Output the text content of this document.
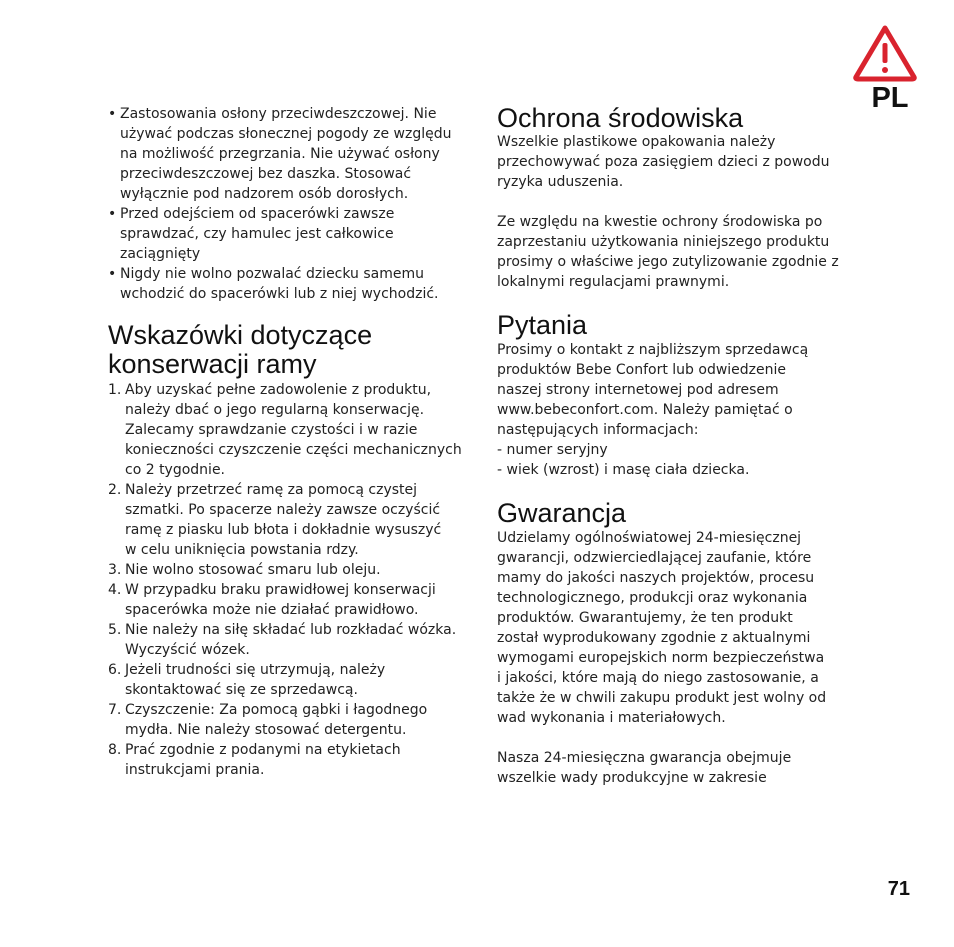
PL
• Zastosowania osłony przeciwdeszczowej. Nie
używać podczas słonecznej pogody ze względu
na możliwość przegrzania. Nie używać osłony
przeciwdeszczowej bez daszka. Stosować
wyłącznie pod nadzorem osób dorosłych.
• Przed odejściem od spacerówki zawsze
sprawdzać, czy hamulec jest całkowice
zaciągnięty
• Nigdy nie wolno pozwalać dziecku samemu
wchodzić do spacerówki lub z niej wychodzić.
Wskazówki dotyczące
konserwacji ramy
1. Aby uzyskać pełne zadowolenie z produktu,
należy dbać o jego regularną konserwację.
Zalecamy sprawdzanie czystości i w razie
konieczności czyszczenie części mechanicznych
co 2 tygodnie.
2. Należy przetrzeć ramę za pomocą czystej
szmatki. Po spacerze należy zawsze oczyścić
ramę z piasku lub błota i dokładnie wysuszyć
w celu uniknięcia powstania rdzy.
3. Nie wolno stosować smaru lub oleju.
4. W przypadku braku prawidłowej konserwacji
spacerówka może nie działać prawidłowo.
5. Nie należy na siłę składać lub rozkładać wózka.
Wyczyścić wózek.
6. Jeżeli trudności się utrzymują, należy
skontaktować się ze sprzedawcą.
7. Czyszczenie: Za pomocą gąbki i łagodnego
mydła. Nie należy stosować detergentu.
8. Prać zgodnie z podanymi na etykietach
instrukcjami prania.
Ochrona środowiska

Wszelkie plastikowe opakowania należy
przechowywać poza zasięgiem dzieci z powodu
ryzyka uduszenia.

Ze względu na kwestie ochrony środowiska po
zaprzestaniu użytkowania niniejszego produktu
prosimy o właściwe jego zutylizowanie zgodnie z
lokalnymi regulacjami prawnymi.

Pytania

Prosimy o kontakt z najbliższym sprzedawcą
produktów Bebe Confort lub odwiedzenie
naszej strony internetowej pod adresem
www.bebeconfort.com. Należy pamiętać o
następujących informacjach:
- numer seryjny
- wiek (wzrost) i masę ciała dziecka.

Gwarancja

Udzielamy ogólnoświatowej 24-miesięcznej
gwarancji, odzwierciedlającej zaufanie, które
mamy do jakości naszych projektów, procesu
technologicznego, produkcji oraz wykonania
produktów. Gwarantujemy, że ten produkt
został wyprodukowany zgodnie z aktualnymi
wymogami europejskich norm bezpieczeństwa
i jakości, które mają do niego zastosowanie, a
także że w chwili zakupu produkt jest wolny od
wad wykonania i materiałowych.

Nasza 24-miesięczna gwarancja obejmuje
wszelkie wady produkcyjne w zakresie

71
